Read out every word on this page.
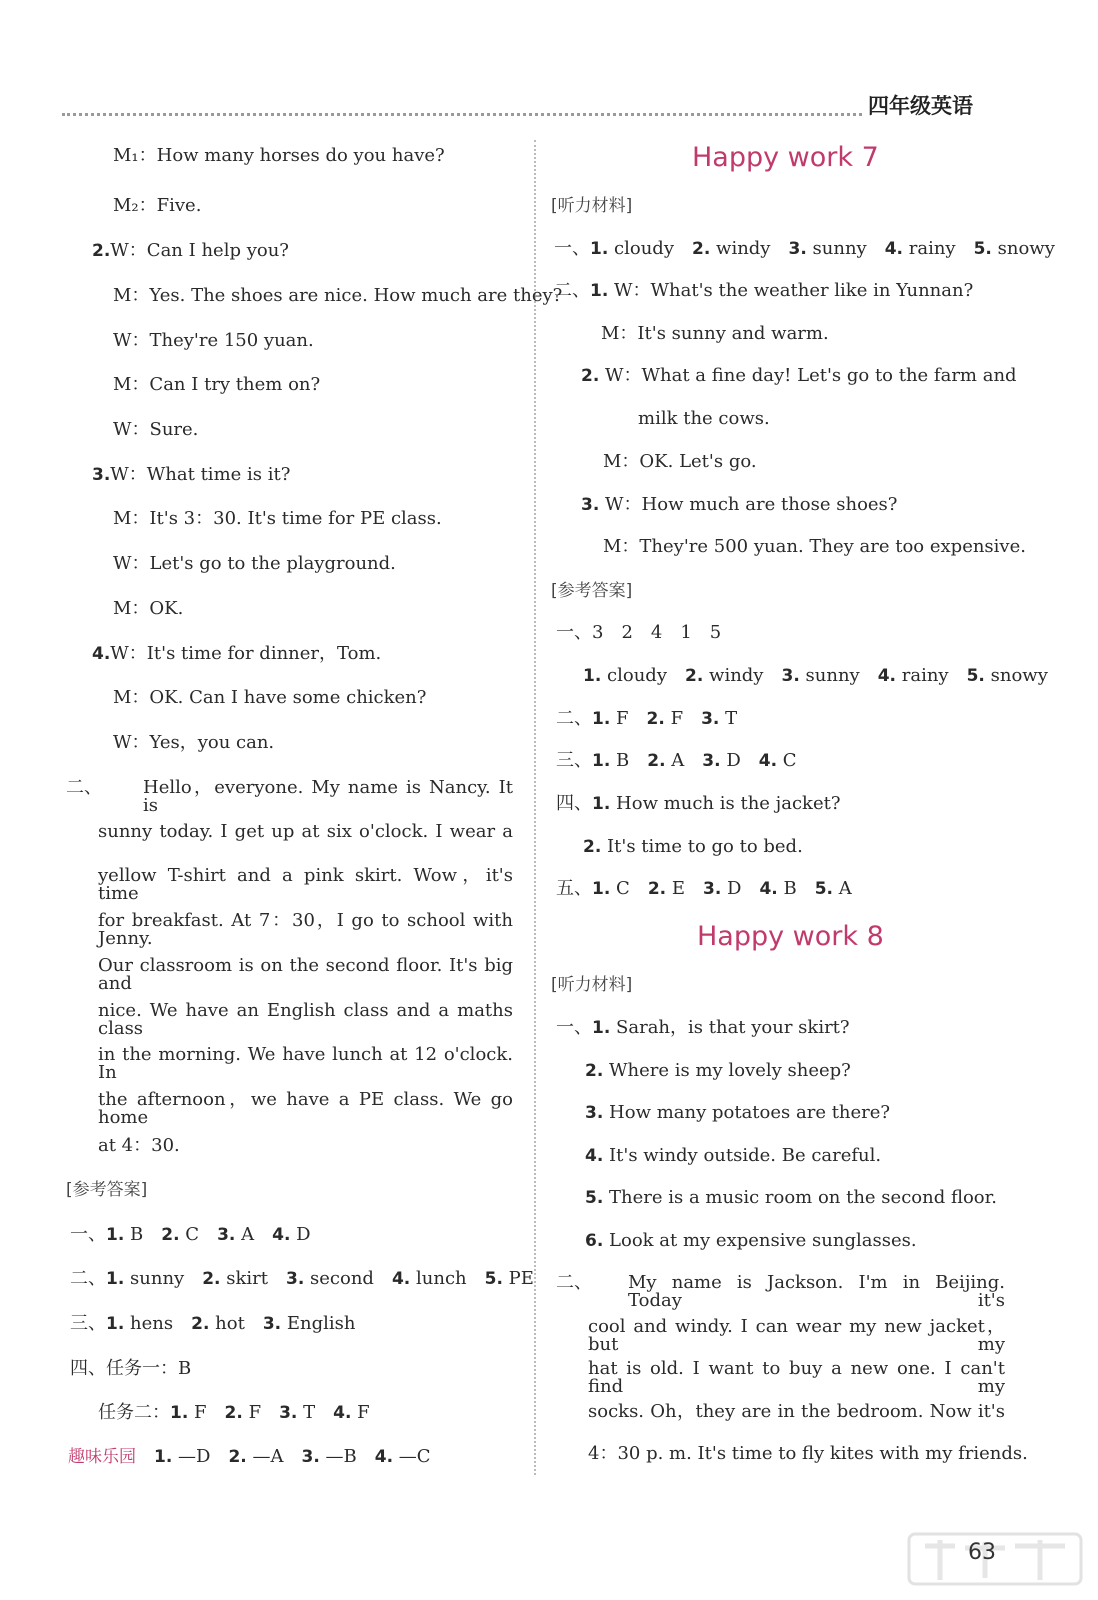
四年级英语
M₁：How many horses do you have?
M₂：Five.
2.W：Can I help you?
M：Yes. The shoes are nice. How much are they?
W：They're 150 yuan.
M：Can I try them on?
W：Sure.
3.W：What time is it?
M：It's 3：30. It's time for PE class.
W：Let's go to the playground.
M：OK.
4.W：It's time for dinner，Tom.
M：OK. Can I have some chicken?
W：Yes，you can.
二、 Hello，everyone. My name is Nancy. It is
sunny today. I get up at six o'clock. I wear a
yellow T-shirt and a pink skirt. Wow，it's time
for breakfast. At 7：30，I go to school with Jenny.
Our classroom is on the second floor. It's big and
nice. We have an English class and a maths class
in the morning. We have lunch at 12 o'clock. In
the afternoon，we have a PE class. We go home
at 4：30.
[参考答案]
一、1. B　 2. C　 3. A　 4. D
二、1. sunny　 2. skirt　 3. second　 4. lunch　 5. PE
三、1. hens　 2. hot　 3. English
四、任务一：B
任务二：1. F　 2. F　 3. T　 4. F
趣味乐园　 1. —D　 2. —A　 3. —B　 4. —C
Happy work 7
[听力材料]
一、1. cloudy　 2. windy　 3. sunny　 4. rainy　 5. snowy
二、1. W：What's the weather like in Yunnan?
M：It's sunny and warm.
2. W：What a fine day! Let's go to the farm and
milk the cows.
M：OK. Let's go.
3. W：How much are those shoes?
M：They're 500 yuan. They are too expensive.
[参考答案]
一、3　2　4　1　5
1. cloudy　 2. windy　 3. sunny　 4. rainy　 5. snowy
二、1. F　 2. F　 3. T
三、1. B　 2. A　 3. D　 4. C
四、1. How much is the jacket?
2. It's time to go to bed.
五、1. C　 2. E　 3. D　 4. B　 5. A
Happy work 8
[听力材料]
一、1. Sarah，is that your skirt?
2. Where is my lovely sheep?
3. How many potatoes are there?
4. It's windy outside. Be careful.
5. There is a music room on the second floor.
6. Look at my expensive sunglasses.
二、 My name is Jackson. I'm in Beijing. Today　it's
cool and windy. I can wear my new jacket，but my
hat is old. I want to buy a new one. I can't find my
socks. Oh，they are in the bedroom. Now it's
4：30 p. m. It's time to fly kites with my friends.
63
